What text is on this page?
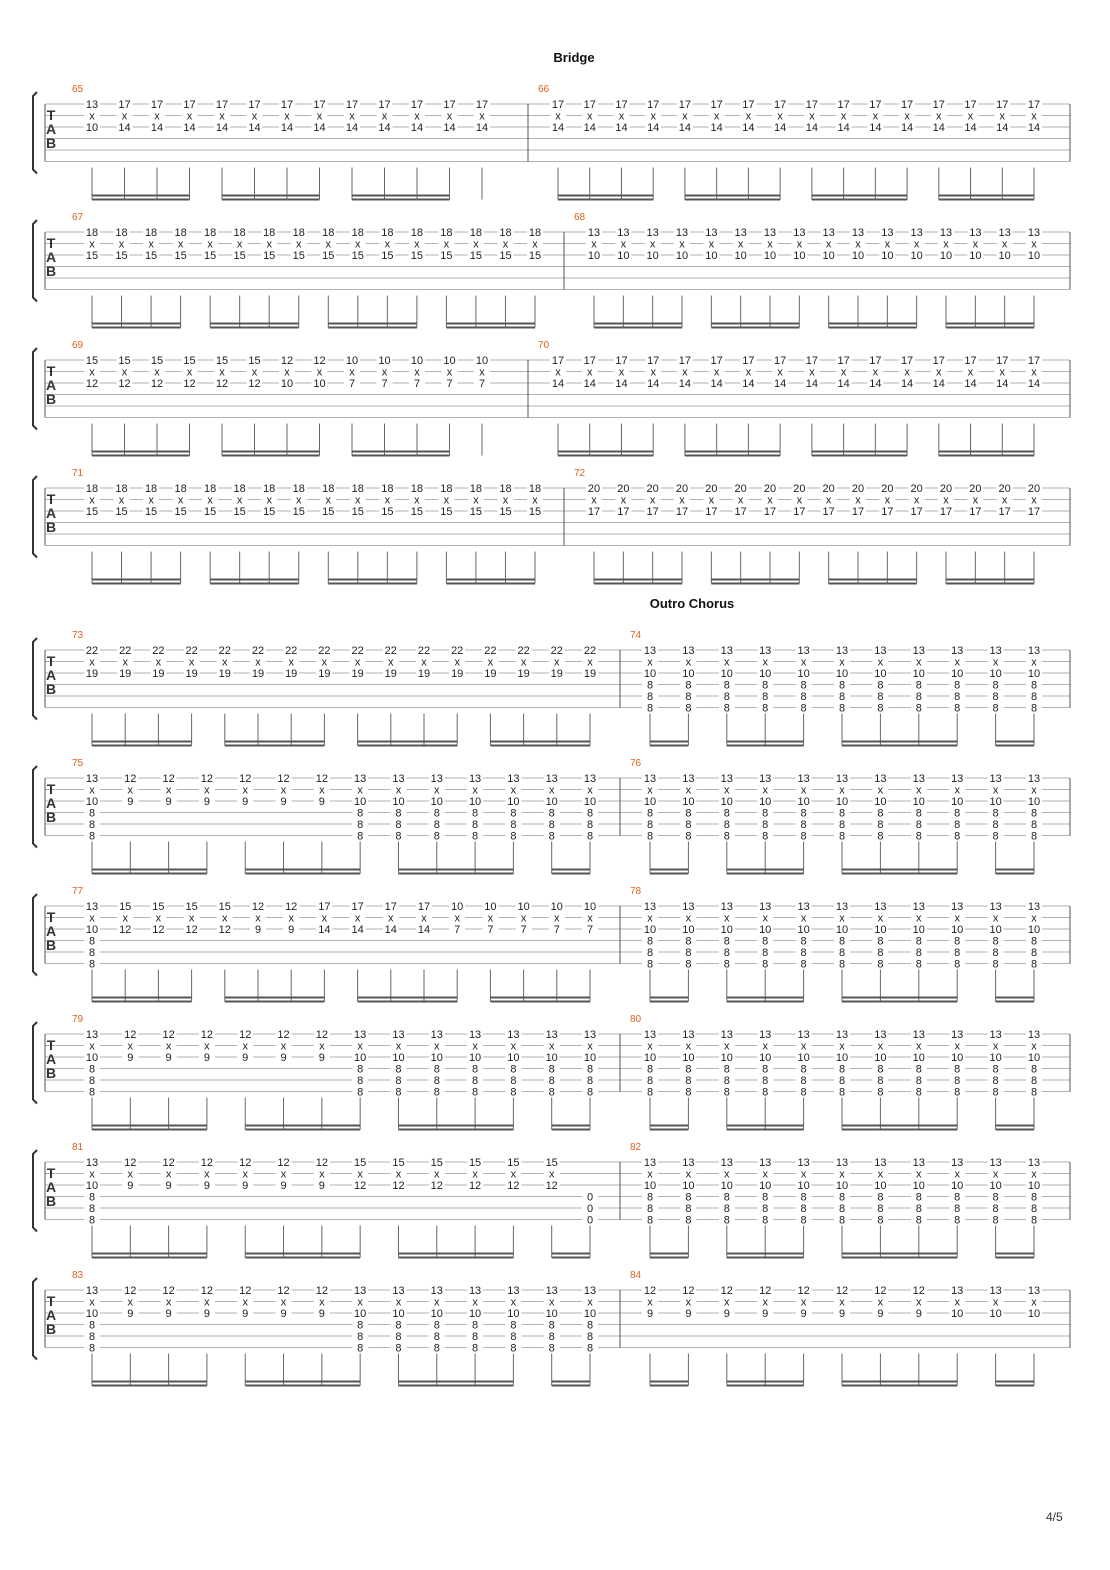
T
A
B
Bridge
65
13
x
10
17
x
14
17
x
14
17
x
14
17
x
14
17
x
14
17
x
14
17
x
14
17
x
14
17
x
14
17
x
14
17
x
14
17
x
14
66
17
x
14
17
x
14
17
x
14
17
x
14
17
x
14
17
x
14
17
x
14
17
x
14
17
x
14
17
x
14
17
x
14
17
x
14
17
x
14
17
x
14
17
x
14
17
x
14
T
A
B
67
18
x
15
18
x
15
18
x
15
18
x
15
18
x
15
18
x
15
18
x
15
18
x
15
18
x
15
18
x
15
18
x
15
18
x
15
18
x
15
18
x
15
18
x
15
18
x
15
68
13
x
10
13
x
10
13
x
10
13
x
10
13
x
10
13
x
10
13
x
10
13
x
10
13
x
10
13
x
10
13
x
10
13
x
10
13
x
10
13
x
10
13
x
10
13
x
10
T
A
B
69
15
x
12
15
x
12
15
x
12
15
x
12
15
x
12
15
x
12
12
x
10
12
x
10
10
x
7
10
x
7
10
x
7
10
x
7
10
x
7
70
17
x
14
17
x
14
17
x
14
17
x
14
17
x
14
17
x
14
17
x
14
17
x
14
17
x
14
17
x
14
17
x
14
17
x
14
17
x
14
17
x
14
17
x
14
17
x
14
T
A
B
71
18
x
15
18
x
15
18
x
15
18
x
15
18
x
15
18
x
15
18
x
15
18
x
15
18
x
15
18
x
15
18
x
15
18
x
15
18
x
15
18
x
15
18
x
15
18
x
15
72
20
x
17
20
x
17
20
x
17
20
x
17
20
x
17
20
x
17
20
x
17
20
x
17
20
x
17
20
x
17
20
x
17
20
x
17
20
x
17
20
x
17
20
x
17
20
x
17
T
A
B
Outro Chorus
73
22
x
19
22
x
19
22
x
19
22
x
19
22
x
19
22
x
19
22
x
19
22
x
19
22
x
19
22
x
19
22
x
19
22
x
19
22
x
19
22
x
19
22
x
19
22
x
19
74
13
x
10
8
8
8
13
x
10
8
8
8
13
x
10
8
8
8
13
x
10
8
8
8
13
x
10
8
8
8
13
x
10
8
8
8
13
x
10
8
8
8
13
x
10
8
8
8
13
x
10
8
8
8
13
x
10
8
8
8
13
x
10
8
8
8
T
A
B
75
13
x
10
8
8
8
12
x
9
12
x
9
12
x
9
12
x
9
12
x
9
12
x
9
13
x
10
8
8
8
13
x
10
8
8
8
13
x
10
8
8
8
13
x
10
8
8
8
13
x
10
8
8
8
13
x
10
8
8
8
13
x
10
8
8
8
76
13
x
10
8
8
8
13
x
10
8
8
8
13
x
10
8
8
8
13
x
10
8
8
8
13
x
10
8
8
8
13
x
10
8
8
8
13
x
10
8
8
8
13
x
10
8
8
8
13
x
10
8
8
8
13
x
10
8
8
8
13
x
10
8
8
8
T
A
B
77
13
x
10
8
8
8
15
x
12
15
x
12
15
x
12
15
x
12
12
x
9
12
x
9
17
x
14
17
x
14
17
x
14
17
x
14
10
x
7
10
x
7
10
x
7
10
x
7
10
x
7
78
13
x
10
8
8
8
13
x
10
8
8
8
13
x
10
8
8
8
13
x
10
8
8
8
13
x
10
8
8
8
13
x
10
8
8
8
13
x
10
8
8
8
13
x
10
8
8
8
13
x
10
8
8
8
13
x
10
8
8
8
13
x
10
8
8
8
T
A
B
79
13
x
10
8
8
8
12
x
9
12
x
9
12
x
9
12
x
9
12
x
9
12
x
9
13
x
10
8
8
8
13
x
10
8
8
8
13
x
10
8
8
8
13
x
10
8
8
8
13
x
10
8
8
8
13
x
10
8
8
8
13
x
10
8
8
8
80
13
x
10
8
8
8
13
x
10
8
8
8
13
x
10
8
8
8
13
x
10
8
8
8
13
x
10
8
8
8
13
x
10
8
8
8
13
x
10
8
8
8
13
x
10
8
8
8
13
x
10
8
8
8
13
x
10
8
8
8
13
x
10
8
8
8
T
A
B
81
13
x
10
8
8
8
12
x
9
12
x
9
12
x
9
12
x
9
12
x
9
12
x
9
15
x
12
15
x
12
15
x
12
15
x
12
15
x
12
15
x
12
0
0
0
82
13
x
10
8
8
8
13
x
10
8
8
8
13
x
10
8
8
8
13
x
10
8
8
8
13
x
10
8
8
8
13
x
10
8
8
8
13
x
10
8
8
8
13
x
10
8
8
8
13
x
10
8
8
8
13
x
10
8
8
8
13
x
10
8
8
8
T
A
B
83
13
x
10
8
8
8
12
x
9
12
x
9
12
x
9
12
x
9
12
x
9
12
x
9
13
x
10
8
8
8
13
x
10
8
8
8
13
x
10
8
8
8
13
x
10
8
8
8
13
x
10
8
8
8
13
x
10
8
8
8
13
x
10
8
8
8
84
12
x
9
12
x
9
12
x
9
12
x
9
12
x
9
12
x
9
12
x
9
12
x
9
13
x
10
13
x
10
13
x
10
4/5
